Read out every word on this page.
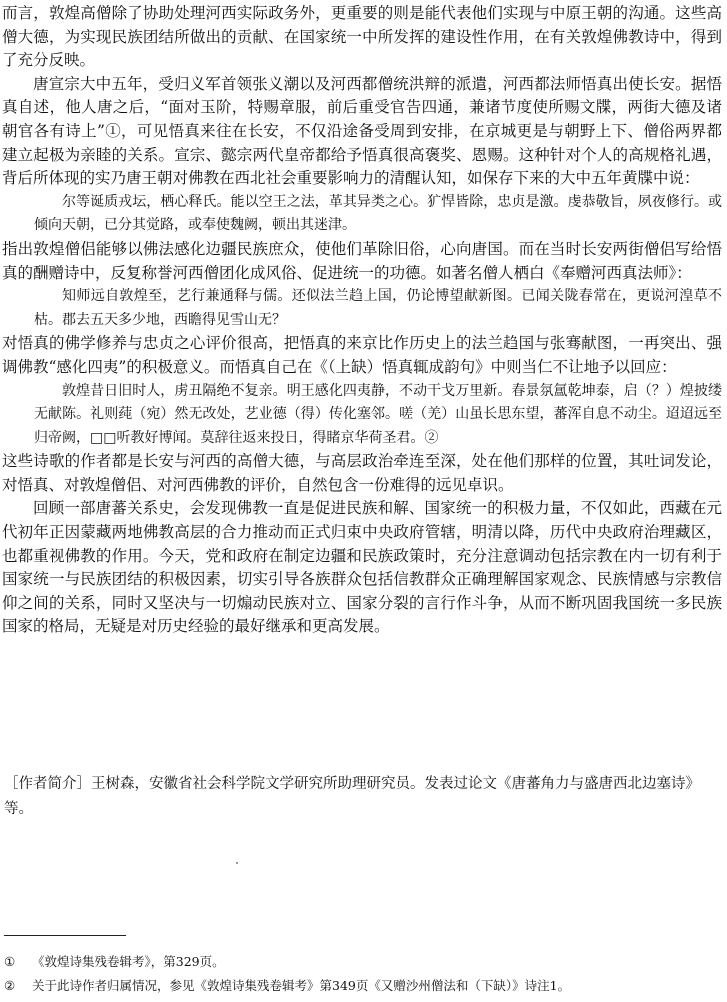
而言，敦煌高僧除了协助处理河西实际政务外，更重要的则是能代表他们实现与中原王朝的沟通。这些高僧大德，为实现民族团结所做出的贡献、在国家统一中所发挥的建设性作用，在有关敦煌佛教诗中，得到了充分反映。

唐宣宗大中五年，受归义军首领张义潮以及河西都僧统洪辩的派遣，河西都法师悟真出使长安。据悟真自述，他人唐之后，“面对玉阶，特赐章服，前后重受官告四通，兼诸节度使所赐文牒，两街大德及诸朝官各有诗上”①，可见悟真来往在长安，不仅沿途备受周到安排，在京城更是与朝野上下、僧俗两界都建立起极为亲睦的关系。宣宗、懿宗两代皇帝都给予悟真很高褒奖、恩赐。这种针对个人的高规格礼遇，背后所体现的实乃唐王朝对佛教在西北社会重要影响力的清醒认知，如保存下来的大中五年黄牒中说：

尔等诞质戎坛，栖心释氏。能以空王之法，革其异类之心。犷悍皆除，忠贞是激。虔恭敬旨，夙夜修行。或倾向天朝，已分其觉路，或奉使魏阙，顿出其迷津。

指出敦煌僧侣能够以佛法感化边疆民族庶众，使他们革除旧俗，心向唐国。而在当时长安两街僧侣写给悟真的酬赠诗中，反复称誉河西僧团化成风俗、促进统一的功德。如著名僧人栖白《奉赠河西真法师》：

知师远自敦煌至，艺行兼通释与儒。还似法兰趋上国，仍论博望献新图。已闻关陇春常在，更说河湟草不枯。郡去五天多少地，西瞻得见雪山无？

对悟真的佛学修养与忠贞之心评价很高，把悟真的来京比作历史上的法兰趋国与张骞献图，一再突出、强调佛教“感化四夷”的积极意义。而悟真自己在《（上缺）悟真辄成韵句》中则当仁不让地予以回应：

敦煌昔日旧时人，虏丑隔绝不复亲。明王感化四夷静，不动干戈万里新。春景氛氲乾坤泰，启（？）煌披缕无献陈。礼则莼（宛）然无改处，艺业德（得）传化塞邻。嗟（羌）山虽长思东望，蕃浑自息不动尘。迢迢远至归帝阙，□□听教好博闻。莫辞往返来投日，得睹京华荷圣君。②

这些诗歌的作者都是长安与河西的高僧大德，与高层政治牵连至深，处在他们那样的位置，其吐词发论，对悟真、对敦煌僧侣、对河西佛教的评价，自然包含一份难得的远见卓识。

回顾一部唐蕃关系史，会发现佛教一直是促进民族和解、国家统一的积极力量，不仅如此，西藏在元代初年正因蒙藏两地佛教高层的合力推动而正式归束中央政府管辖，明清以降，历代中央政府治理藏区，也都重视佛教的作用。今天，党和政府在制定边疆和民族政策时，充分注意调动包括宗教在内一切有利于国家统一与民族团结的积极因素，切实引导各族群众包括信教群众正确理解国家观念、民族情感与宗教信仰之间的关系，同时又坚决与一切煽动民族对立、国家分裂的言行作斗争，从而不断巩固我国统一多民族国家的格局，无疑是对历史经验的最好继承和更高发展。

［作者简介］王树森，安徽省社会科学院文学研究所助理研究员。发表过论文《唐蕃角力与盛唐西北边塞诗》等。

①	《敦煌诗集残卷辑考》，第329页。
②	关于此诗作者归属情况，参见《敦煌诗集残卷辑考》第349页《又赠沙州僧法和（下缺）》诗注1。
